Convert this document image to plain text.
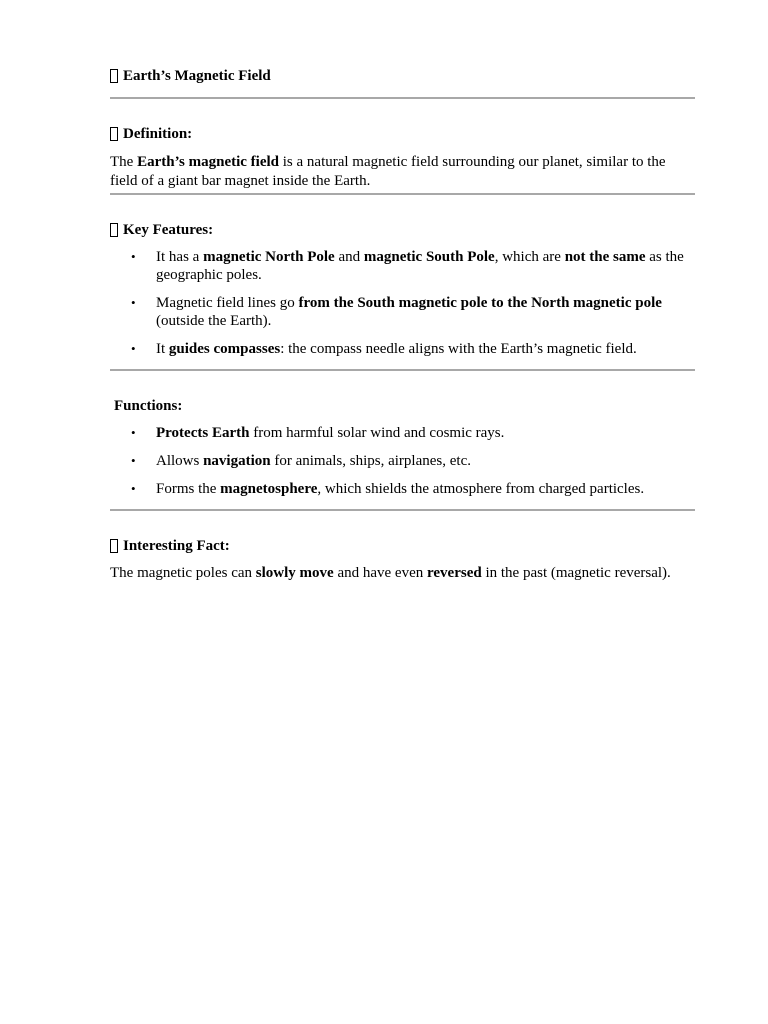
Earth’s Magnetic Field
Definition:

The Earth’s magnetic field is a natural magnetic field surrounding our planet, similar to the field of a giant bar magnet inside the Earth.

Key Features:
• It has a magnetic North Pole and magnetic South Pole, which are not the same as the geographic poles.
• Magnetic field lines go from the South magnetic pole to the North magnetic pole (outside the Earth).
• It guides compasses: the compass needle aligns with the Earth’s magnetic field.
Functions:
• Protects Earth from harmful solar wind and cosmic rays.
• Allows navigation for animals, ships, airplanes, etc.
• Forms the magnetosphere, which shields the atmosphere from charged particles.
Interesting Fact:

The magnetic poles can slowly move and have even reversed in the past (magnetic reversal).
